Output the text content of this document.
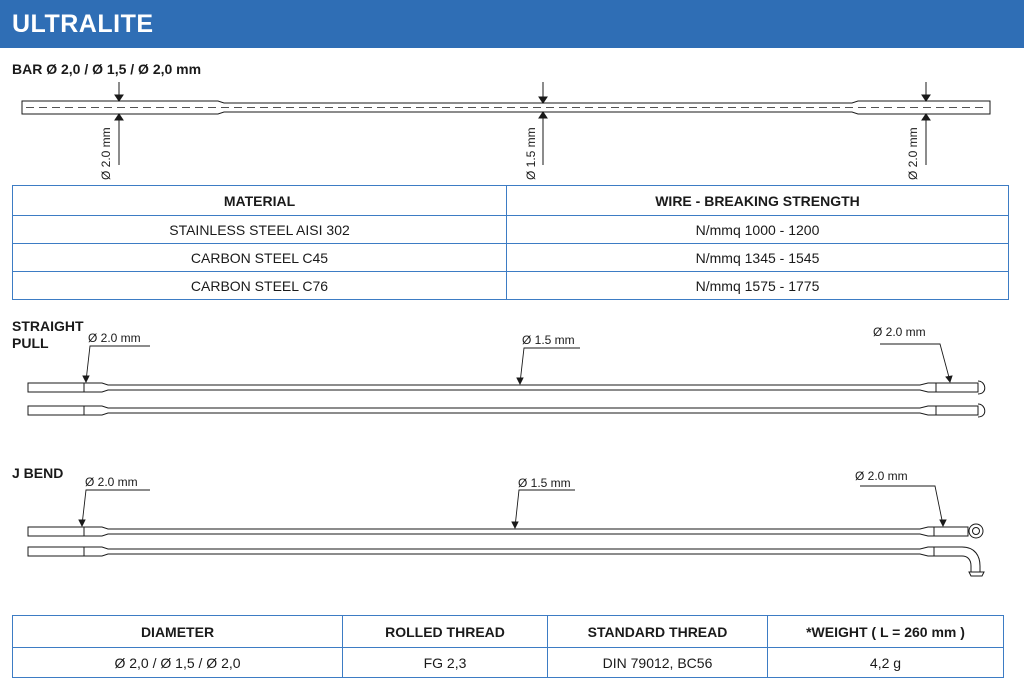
ULTRALITE
Ø 2.0 mm	Ø 1.5 mm	Ø 2.0 mm
Ø 2.0 mm	Ø 1.5 mm
Ø 2.0 mm
Ø 2.0 mm	Ø 1.5 mm	Ø 2.0 mm
BAR Ø 2,0 / Ø 1,5 / Ø 2,0 mm
STRAIGHT
PULL
J BEND
MATERIAL	WIRE - BREAKING STRENGTH
STAINLESS STEEL AISI 302	N/mmq 1000 - 1200
CARBON STEEL C45	N/mmq 1345 - 1545
CARBON STEEL C76	N/mmq 1575 - 1775
DIAMETER	ROLLED THREAD	STANDARD THREAD	*WEIGHT ( L = 260 mm )
Ø 2,0 / Ø 1,5 / Ø 2,0	FG 2,3	DIN 79012, BC56	4,2 g
